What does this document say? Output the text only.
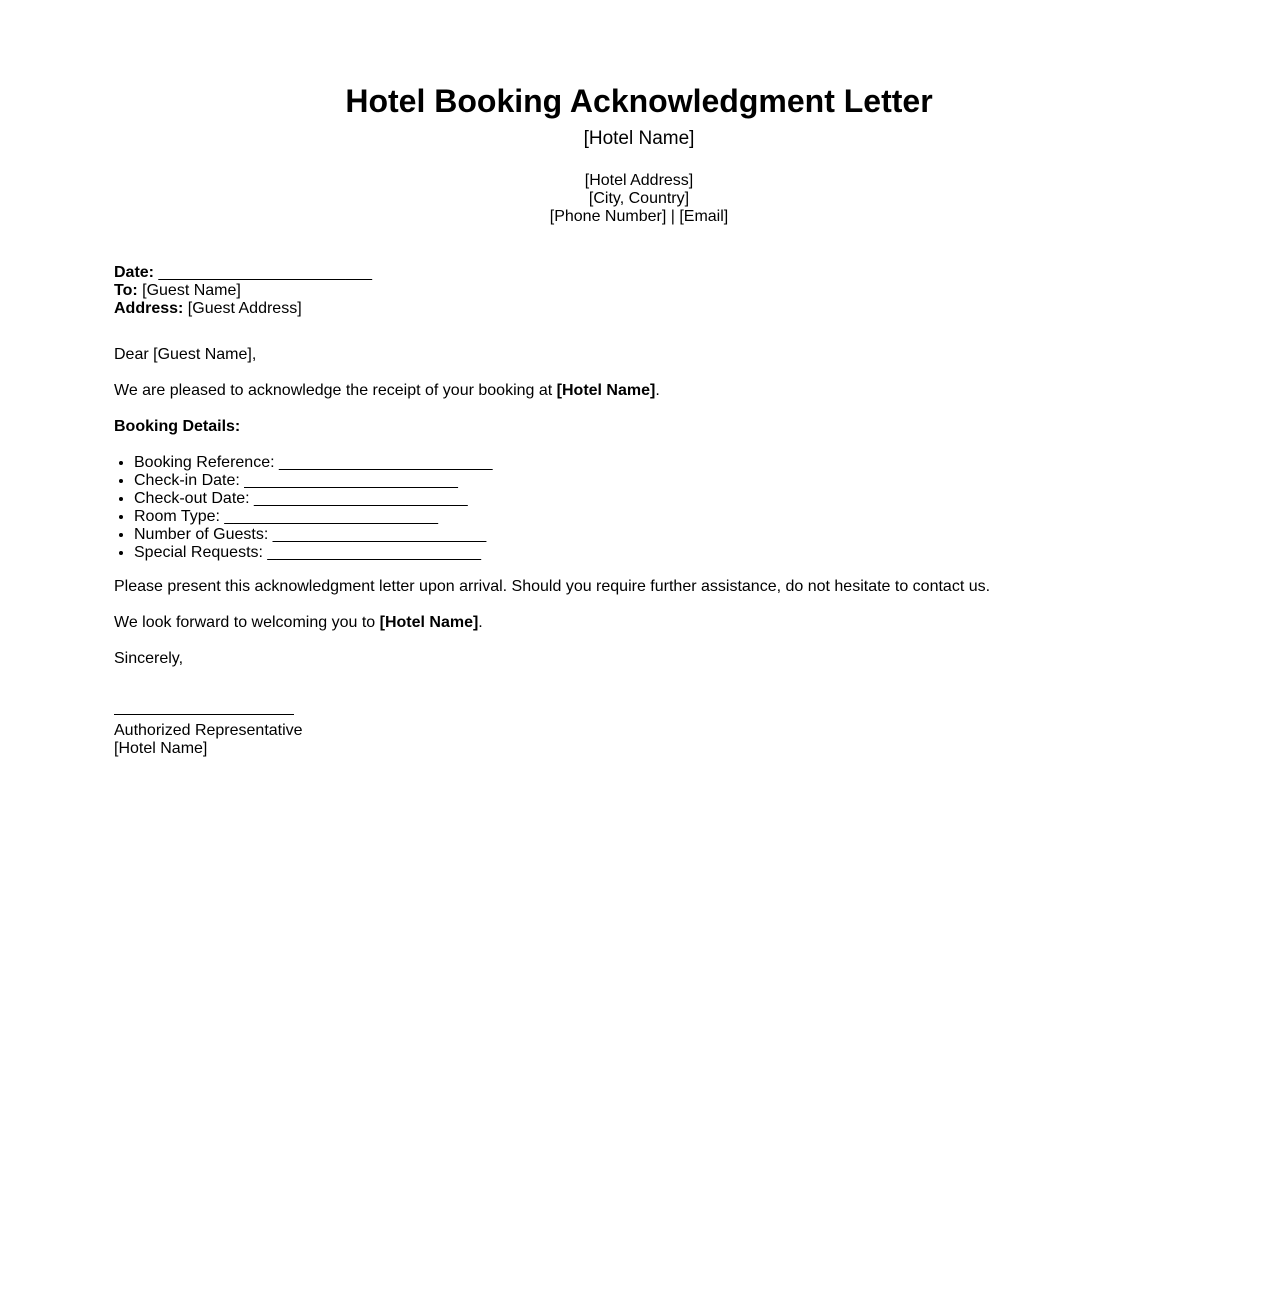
Hotel Booking Acknowledgment Letter
[Hotel Name]
[Hotel Address]
[City, Country]
[Phone Number] | [Email]
Date: ________________________
To: [Guest Name]
Address: [Guest Address]

Dear [Guest Name],

We are pleased to acknowledge the receipt of your booking at [Hotel Name].

Booking Details:

• Booking Reference: ________________________
• Check-in Date: ________________________
• Check-out Date: ________________________
• Room Type: ________________________
• Number of Guests: ________________________
• Special Requests: ________________________

Please present this acknowledgment letter upon arrival. Should you require further assistance, do not hesitate to contact us.

We look forward to welcoming you to [Hotel Name].

Sincerely,

Authorized Representative
[Hotel Name]
